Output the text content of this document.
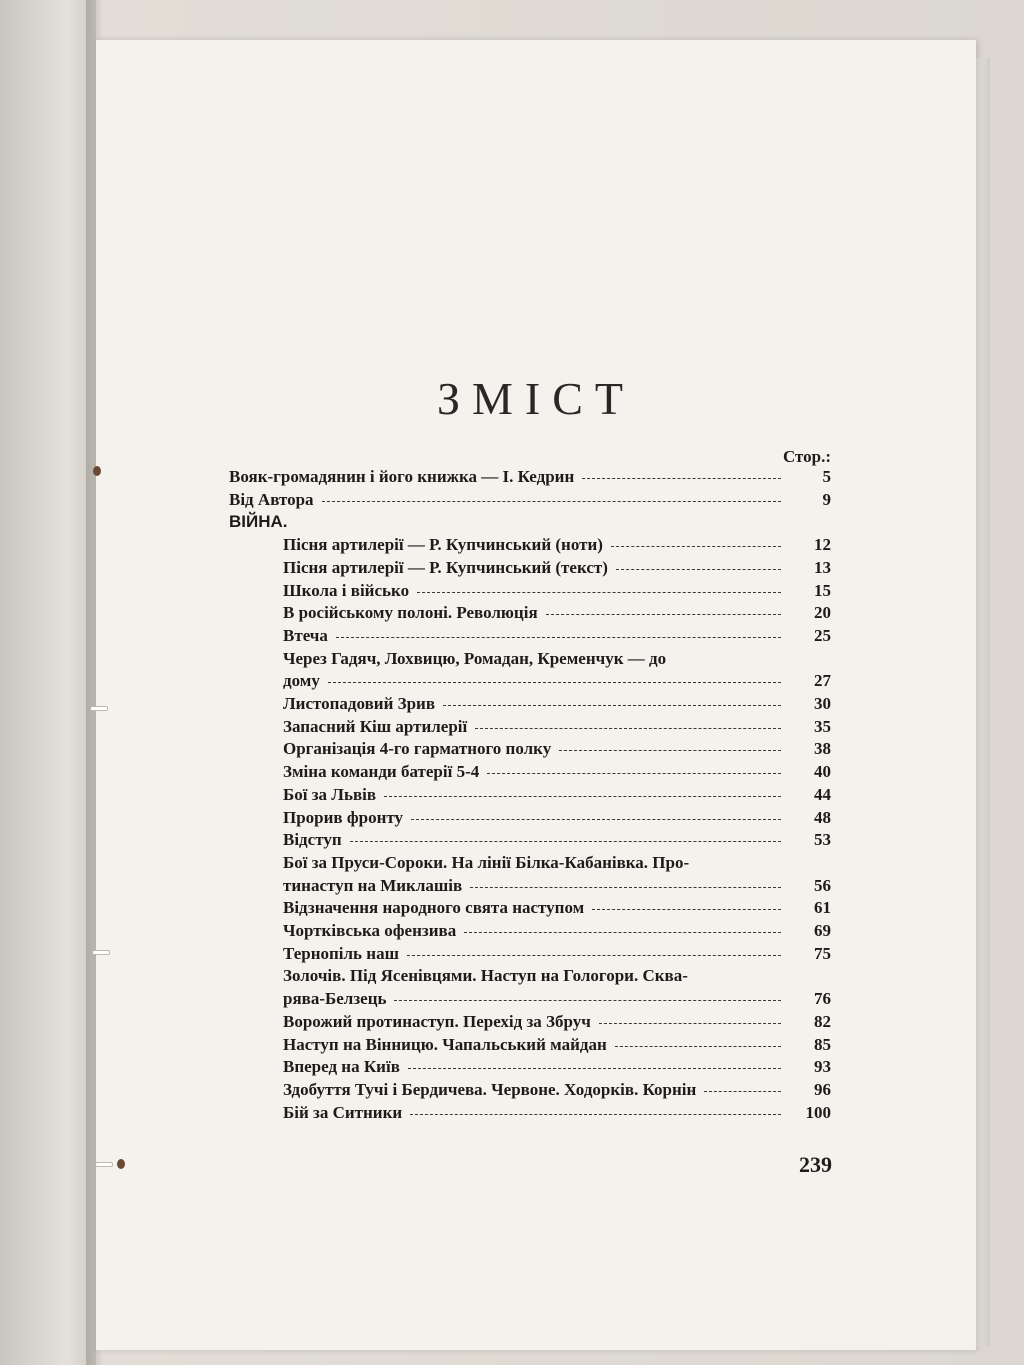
ЗМІСТ
Стор.:
Вояк-громадянин і його книжка — І. Кедрин	5
Від Автора	9
ВІЙНА.
Пісня артилерії — Р. Купчинський (ноти)	12
Пісня артилерії — Р. Купчинський (текст)	13
Школа і військо	15
В російському полоні. Революція	20
Втеча	25
Через Гадяч, Лохвицю, Ромадан, Кременчук — до
дому	27
Листопадовий Зрив	30
Запасний Кіш артилерії	35
Організація 4-го гарматного полку	38
Зміна команди батерії 5-4	40
Бої за Львів	44
Прорив фронту	48
Відступ	53
Бої за Пруси-Сороки. На лінії Білка-Кабанівка. Про-
тинаступ на Миклашів	56
Відзначення народного свята наступом	61
Чортківська офензива	69
Тернопіль наш	75
Золочів. Під Ясенівцями. Наступ на Гологори. Сква-
рява-Белзець	76
Ворожий протинаступ. Перехід за Збруч	82
Наступ на Вінницю. Чапальський майдан	85
Вперед на Київ	93
Здобуття Тучі і Бердичева. Червоне. Ходорків. Корнін	96
Бій за Ситники	100
239
